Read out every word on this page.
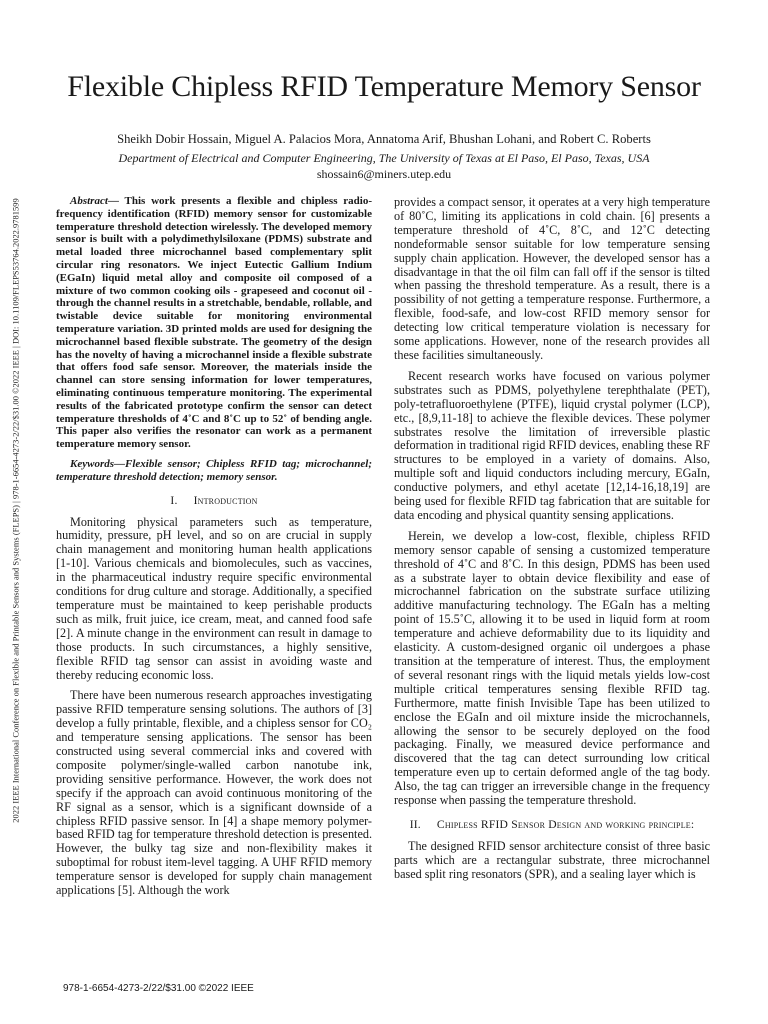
2022 IEEE International Conference on Flexible and Printable Sensors and Systems (FLEPS) | 978-1-6654-4273-2/22/$31.00 ©2022 IEEE | DOI: 10.1109/FLEPS53764.2022.9781599
Flexible Chipless RFID Temperature Memory Sensor
Sheikh Dobir Hossain, Miguel A. Palacios Mora, Annatoma Arif, Bhushan Lohani, and Robert C. Roberts
Department of Electrical and Computer Engineering, The University of Texas at El Paso, El Paso, Texas, USA
shossain6@miners.utep.edu

Abstract— This work presents a flexible and chipless radio-frequency identification (RFID) memory sensor for customizable temperature threshold detection wirelessly. The developed memory sensor is built with a polydimethylsiloxane (PDMS) substrate and metal loaded three microchannel based complementary split circular ring resonators. We inject Eutectic Gallium Indium (EGaIn) liquid metal alloy and composite oil composed of a mixture of two common cooking oils - grapeseed and coconut oil - through the channel results in a stretchable, bendable, rollable, and twistable device suitable for monitoring environmental temperature variation. 3D printed molds are used for designing the microchannel based flexible substrate. The geometry of the design has the novelty of having a microchannel inside a flexible substrate that offers food safe sensor. Moreover, the materials inside the channel can store sensing information for lower temperatures, eliminating continuous temperature monitoring. The experimental results of the fabricated prototype confirm the sensor can detect temperature thresholds of 4˚C and 8˚C up to 52˚ of bending angle. This paper also verifies the resonator can work as a permanent temperature memory sensor.

Keywords—Flexible sensor; Chipless RFID tag; microchannel; temperature threshold detection; memory sensor.

I. Introduction

Monitoring physical parameters such as temperature, humidity, pressure, pH level, and so on are crucial in supply chain management and monitoring human health applications [1-10]. Various chemicals and biomolecules, such as vaccines, in the pharmaceutical industry require specific environmental conditions for drug culture and storage. Additionally, a specified temperature must be maintained to keep perishable products such as milk, fruit juice, ice cream, meat, and canned food safe [2]. A minute change in the environment can result in damage to those products. In such circumstances, a highly sensitive, flexible RFID tag sensor can assist in avoiding waste and thereby reducing economic loss.

There have been numerous research approaches investigating passive RFID temperature sensing solutions. The authors of [3] develop a fully printable, flexible, and a chipless sensor for CO₂ and temperature sensing applications. The sensor has been constructed using several commercial inks and covered with composite polymer/single-walled carbon nanotube ink, providing sensitive performance. However, the work does not specify if the approach can avoid continuous monitoring of the RF signal as a sensor, which is a significant downside of a chipless RFID passive sensor. In [4] a shape memory polymer-based RFID tag for temperature threshold detection is presented. However, the bulky tag size and non-flexibility makes it suboptimal for robust item-level tagging. A UHF RFID memory temperature sensor is developed for supply chain management applications [5]. Although the work

provides a compact sensor, it operates at a very high temperature of 80˚C, limiting its applications in cold chain. [6] presents a temperature threshold of 4˚C, 8˚C, and 12˚C detecting nondeformable sensor suitable for low temperature sensing supply chain application. However, the developed sensor has a disadvantage in that the oil film can fall off if the sensor is tilted when passing the threshold temperature. As a result, there is a possibility of not getting a temperature response. Furthermore, a flexible, food-safe, and low-cost RFID memory sensor for detecting low critical temperature violation is necessary for some applications. However, none of the research provides all these facilities simultaneously.

Recent research works have focused on various polymer substrates such as PDMS, polyethylene terephthalate (PET), poly-tetrafluoroethylene (PTFE), liquid crystal polymer (LCP), etc., [8,9,11-18] to achieve the flexible devices. These polymer substrates resolve the limitation of irreversible plastic deformation in traditional rigid RFID devices, enabling these RF structures to be employed in a variety of domains. Also, multiple soft and liquid conductors including mercury, EGaIn, conductive polymers, and ethyl acetate [12,14-16,18,19] are being used for flexible RFID tag fabrication that are suitable for data encoding and physical quantity sensing applications.

Herein, we develop a low-cost, flexible, chipless RFID memory sensor capable of sensing a customized temperature threshold of 4˚C and 8˚C. In this design, PDMS has been used as a substrate layer to obtain device flexibility and ease of microchannel fabrication on the substrate surface utilizing additive manufacturing technology. The EGaIn has a melting point of 15.5˚C, allowing it to be used in liquid form at room temperature and achieve deformability due to its liquidity and elasticity. A custom-designed organic oil undergoes a phase transition at the temperature of interest. Thus, the employment of several resonant rings with the liquid metals yields low-cost multiple critical temperatures sensing flexible RFID tag. Furthermore, matte finish Invisible Tape has been utilized to enclose the EGaIn and oil mixture inside the microchannels, allowing the sensor to be securely deployed on the food packaging. Finally, we measured device performance and discovered that the tag can detect surrounding low critical temperature even up to certain deformed angle of the tag body. Also, the tag can trigger an irreversible change in the frequency response when passing the temperature threshold.

II. Chipless RFID Sensor Design and working principle:

The designed RFID sensor architecture consist of three basic parts which are a rectangular substrate, three microchannel based split ring resonators (SPR), and a sealing layer which is

978-1-6654-4273-2/22/$31.00 ©2022 IEEE
